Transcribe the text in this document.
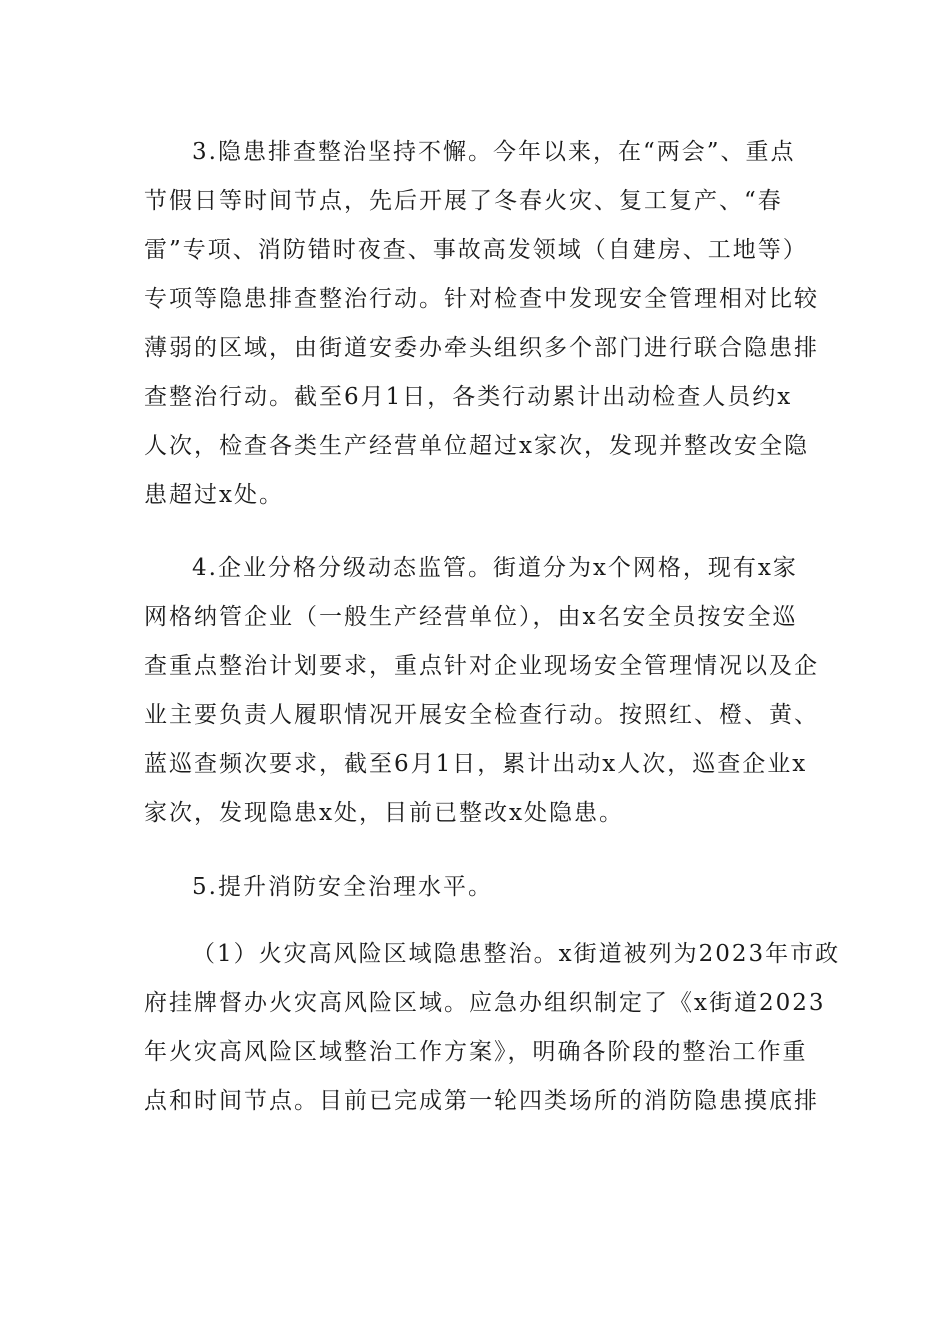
3.隐患排查整治坚持不懈。今年以来，在“两会”、重点

节假日等时间节点，先后开展了冬春火灾、复工复产、“春

雷”专项、消防错时夜查、事故高发领域（自建房、工地等）

专项等隐患排查整治行动。针对检查中发现安全管理相对比较

薄弱的区域，由街道安委办牵头组织多个部门进行联合隐患排

查整治行动。截至6月1日，各类行动累计出动检查人员约x

人次，检查各类生产经营单位超过x家次，发现并整改安全隐

患超过x处。

4.企业分格分级动态监管。街道分为x个网格，现有x家

网格纳管企业（一般生产经营单位），由x名安全员按安全巡

查重点整治计划要求，重点针对企业现场安全管理情况以及企

业主要负责人履职情况开展安全检查行动。按照红、橙、黄、

蓝巡查频次要求，截至6月1日，累计出动x人次，巡查企业x

家次，发现隐患x处，目前已整改x处隐患。

5.提升消防安全治理水平。

（1）火灾高风险区域隐患整治。x街道被列为2023年市政

府挂牌督办火灾高风险区域。应急办组织制定了《x街道2023

年火灾高风险区域整治工作方案》，明确各阶段的整治工作重

点和时间节点。目前已完成第一轮四类场所的消防隐患摸底排
